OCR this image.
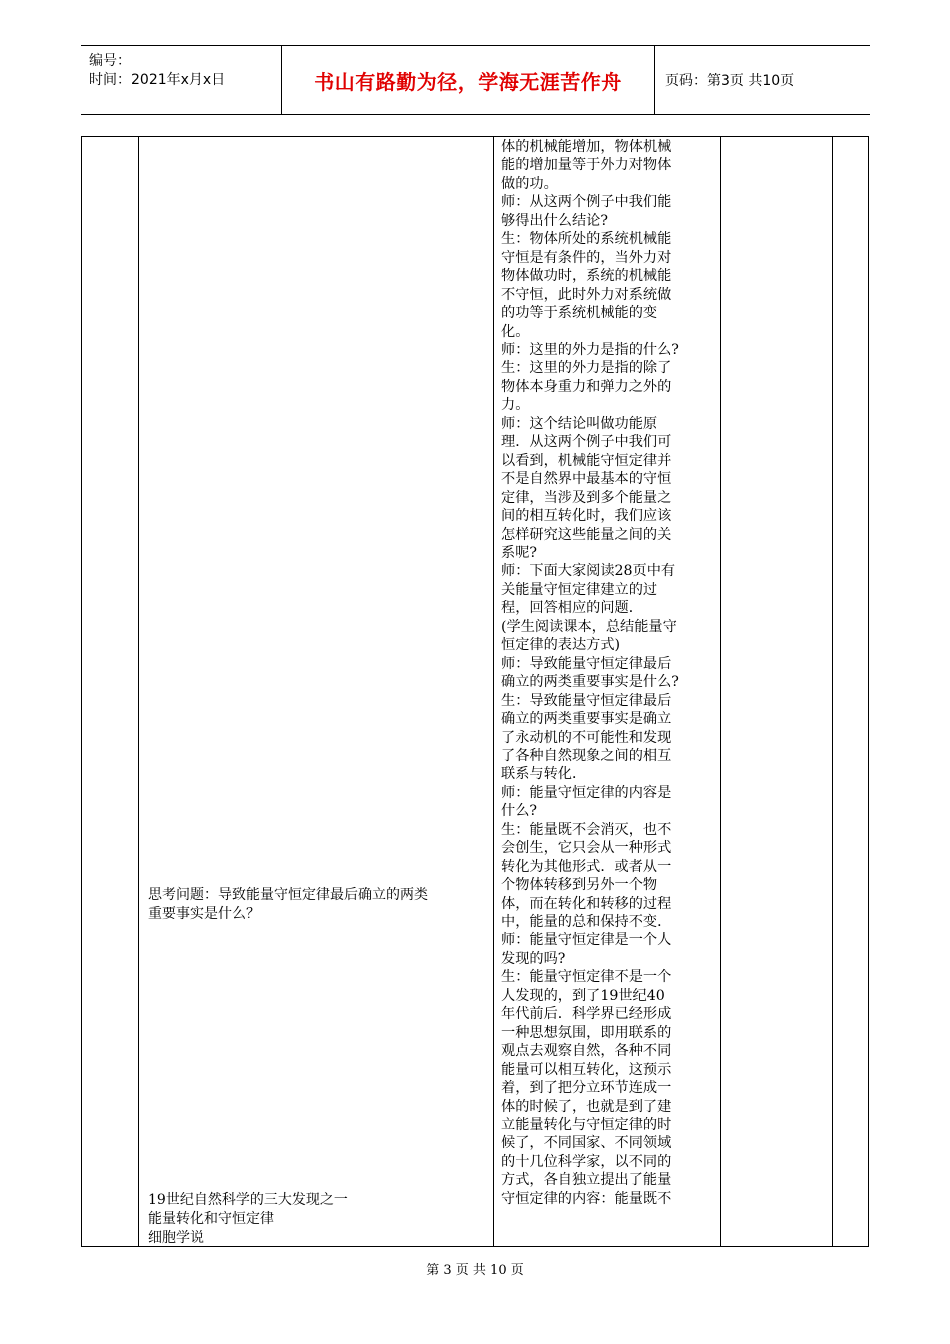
编号：
时间：2021年x月x日	书山有路勤为径，学海无涯苦作舟	页码：第3页 共10页
思考问题：导致能量守恒定律最后确立的两类
重要事实是什么？
19世纪自然科学的三大发现之一
能量转化和守恒定律
细胞学说
体的机械能增加，物体机械
能的增加量等于外力对物体
做的功。
师：从这两个例子中我们能
够得出什么结论?
生：物体所处的系统机械能
守恒是有条件的，当外力对
物体做功时，系统的机械能
不守恒，此时外力对系统做
的功等于系统机械能的变
化。
师：这里的外力是指的什么?
生：这里的外力是指的除了
物体本身重力和弹力之外的
力。
师：这个结论叫做功能原
理．从这两个例子中我们可
以看到，机械能守恒定律并
不是自然界中最基本的守恒
定律，当涉及到多个能量之
间的相互转化时，我们应该
怎样研究这些能量之间的关
系呢?
师：下面大家阅读28页中有
关能量守恒定律建立的过
程，回答相应的问题．
(学生阅读课本，总结能量守
恒定律的表达方式)
师：导致能量守恒定律最后
确立的两类重要事实是什么?
生：导致能量守恒定律最后
确立的两类重要事实是确立
了永动机的不可能性和发现
了各种自然现象之间的相互
联系与转化．
师：能量守恒定律的内容是
什么?
生：能量既不会消灭，也不
会创生，它只会从一种形式
转化为其他形式．或者从一
个物体转移到另外一个物
体，而在转化和转移的过程
中，能量的总和保持不变．
师：能量守恒定律是一个人
发现的吗?
生：能量守恒定律不是一个
人发现的，到了19世纪40
年代前后．科学界已经形成
一种思想氛围，即用联系的
观点去观察自然，各种不同
能量可以相互转化，这预示
着，到了把分立环节连成一
体的时候了，也就是到了建
立能量转化与守恒定律的时
候了，不同国家、不同领域
的十几位科学家，以不同的
方式，各自独立提出了能量
守恒定律的内容：能量既不
第 3 页 共 10 页
